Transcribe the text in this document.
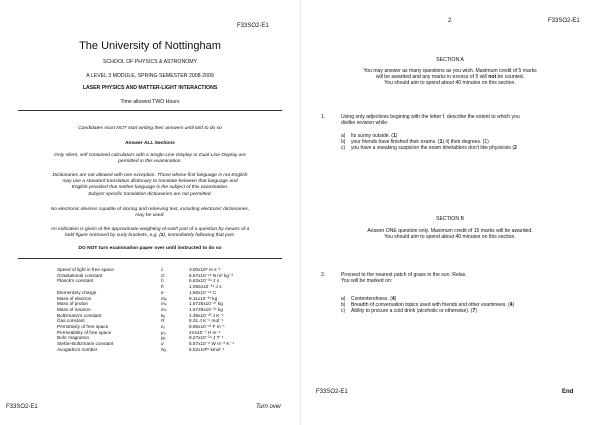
F33SO2-E1
The University of Nottingham
SCHOOL OF PHYSICS & ASTRONOMY
A LEVEL 3 MODULE, SPRING SEMESTER 2008-2009
LASER PHYSICS AND MATTER-LIGHT INTERACTIONS
Time allowed TWO Hours
Candidates must NOT start writing their answers until told to do so
Answer ALL Sections
Only silent, self contained calculators with a Single-Line Display or Dual-Line Display are
permitted in this examination.
Dictionaries are not allowed with one exception. Those whose first language is not English
may use a standard translation dictionary to translate between that language and
English provided that neither language is the subject of this examination.
Subject specific translation dictionaries are not permitted.
No electronic devices capable of storing and retrieving text, including electronic dictionaries,
may be used.
An indication is given of the approximate weighting of each part of a question by means of a
bold figure enclosed by curly brackets, e.g. {2}, immediately following that part.
DO NOT turn examination paper over until instructed to do so
Speed of light in free space	c	3.00x10⁸ m s⁻¹
Gravitational constant	G	6.67x10⁻¹¹ N m² kg⁻²
Planck's constant	h	6.63x10⁻³⁴ J s
	ħ	1.055x10⁻³⁴ J s
Elementary charge	e	1.60x10⁻¹⁹ C
Mass of electron	mₑ	9.11x10⁻³¹ kg
Mass of proton	mₚ	1.6726x10⁻²⁷ kg
Mass of neutron	mₙ	1.6749x10⁻²⁷ kg
Boltzmann's constant	kᵦ	1.38x10⁻²³ J K⁻¹
Gas constant	R	8.31 J K⁻¹ mol⁻¹
Permittivity of free space	ε₀	8.85x10⁻¹² F m⁻¹
Permeability of free space	μ₀	4πx10⁻⁷ H m⁻¹
Bohr magneton	μᵦ	9.27x10⁻²⁴ J T⁻¹
Stefan-Boltzmann constant	σ	5.67x10⁻⁸ W m⁻² K⁻⁴
Avogadro's number	Nₐ	6.02x10²⁶ kmol⁻¹
F33SO2-E1	Turn over
2	F33SO2-E1
SECTION A
You may answer as many questions as you wish. Maximum credit of 5 marks
will be awarded and any marks in excess of 5 will not be counted.
You should aim to spend about 40 minutes on this section.
1.	Using only adjectives begining with the letter f. describe the extent to which you
dislike revision while:
a)	Its sunny outside. (1)
b)	your friends have finished their exams. (1) ii) their degrees. (1)
c)	you have a sneaking suspicion the exam timetablers don't like physicists (2
SECTION B
Answer ONE question only. Maximum credit of 15 marks will be awarded.
You should aim to spend about 40 minutes on this section.
2.	Proceed to the nearest patch of grass in the sun. Relax.
You will be marked on:
a)	Contentendness. (4)
b)	Breadth of conversation topics used with friends and other examinees. (4)
c)	Ability to procure a cold drink (alcoholic or otherwise). (7)
F33SO2-E1	End
